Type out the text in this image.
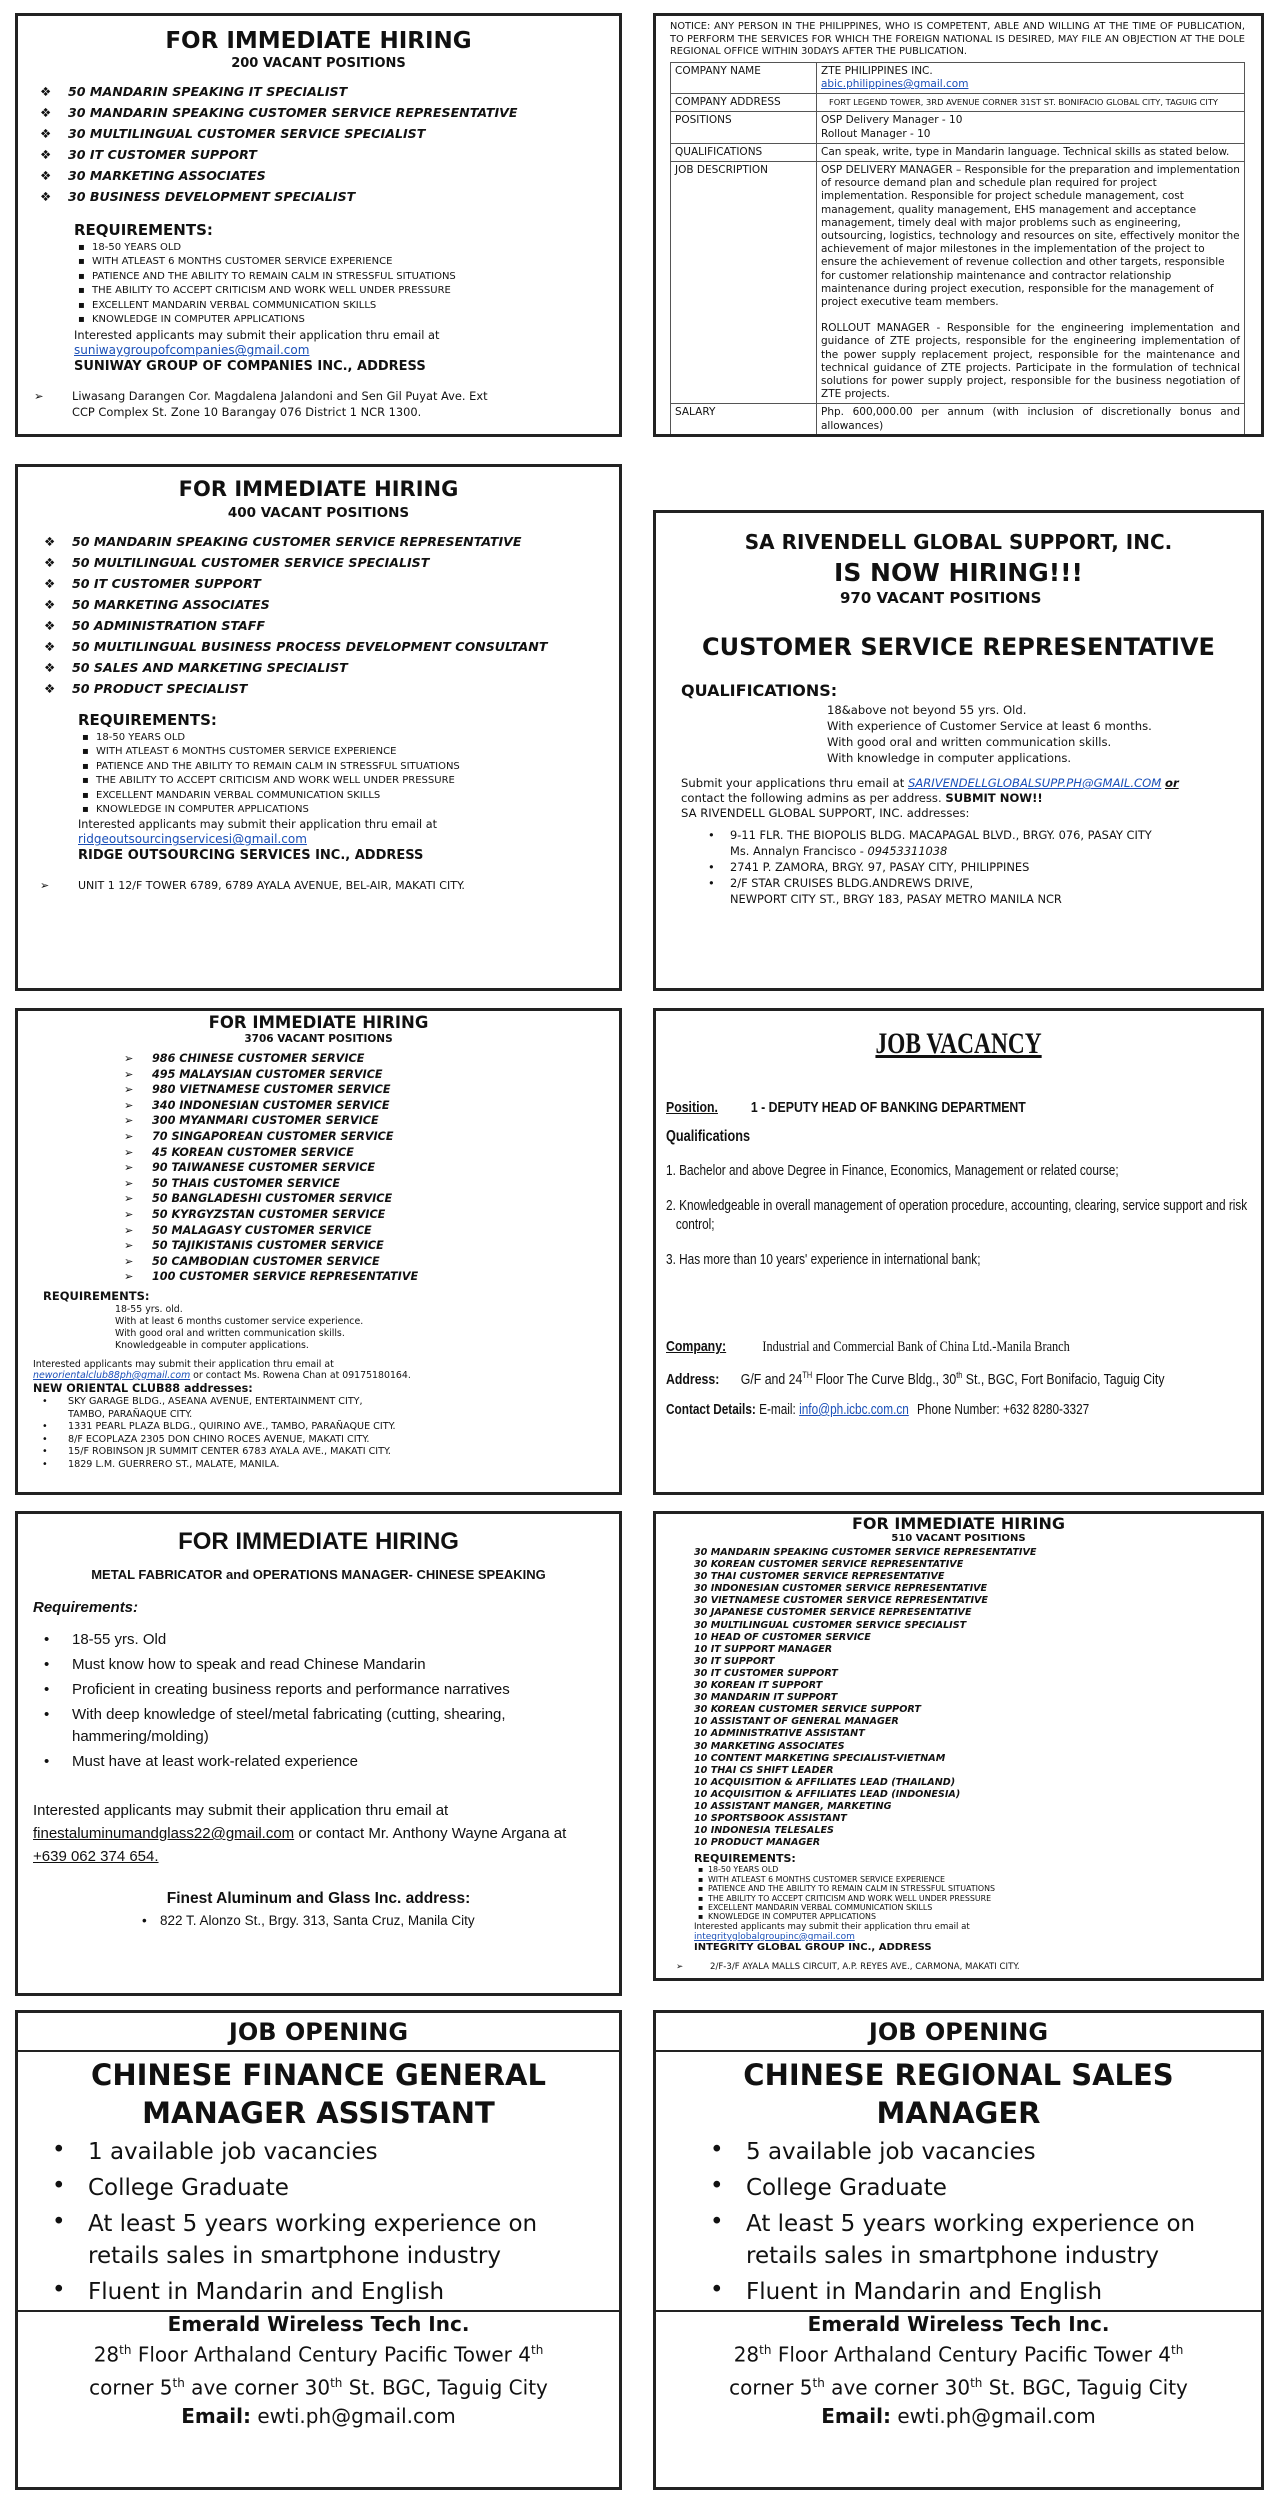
FOR IMMEDIATE HIRING
200 VACANT POSITIONS
❖ 50 MANDARIN SPEAKING IT SPECIALIST
❖ 30 MANDARIN SPEAKING CUSTOMER SERVICE REPRESENTATIVE
❖ 30 MULTILINGUAL CUSTOMER SERVICE SPECIALIST
❖ 30 IT CUSTOMER SUPPORT
❖ 30 MARKETING ASSOCIATES
❖ 30 BUSINESS DEVELOPMENT SPECIALIST
REQUIREMENTS:
▪ 18-50 YEARS OLD
▪ WITH ATLEAST 6 MONTHS CUSTOMER SERVICE EXPERIENCE
▪ PATIENCE AND THE ABILITY TO REMAIN CALM IN STRESSFUL SITUATIONS
▪ THE ABILITY TO ACCEPT CRITICISM AND WORK WELL UNDER PRESSURE
▪ EXCELLENT MANDARIN VERBAL COMMUNICATION SKILLS
▪ KNOWLEDGE IN COMPUTER APPLICATIONS
Interested applicants may submit their application thru email at
suniwaygroupofcompanies@gmail.com
SUNIWAY GROUP OF COMPANIES INC., ADDRESS
➢ Liwasang Darangen Cor. Magdalena Jalandoni and Sen Gil Puyat Ave. Ext
CCP Complex St. Zone 10 Barangay 076 District 1 NCR 1300.
NOTICE: ANY PERSON IN THE PHILIPPINES, WHO IS COMPETENT, ABLE AND WILLING AT THE TIME OF PUBLICATION, TO PERFORM THE SERVICES FOR WHICH THE FOREIGN NATIONAL IS DESIRED, MAY FILE AN OBJECTION AT THE DOLE REGIONAL OFFICE WITHIN 30DAYS AFTER THE PUBLICATION.
COMPANY NAME	ZTE PHILIPPINES INC.
abic.philippines@gmail.com

COMPANY ADDRESS	FORT LEGEND TOWER, 3RD AVENUE CORNER 31ST ST. BONIFACIO GLOBAL CITY, TAGUIG CITY

POSITIONS	OSP Delivery Manager - 10
Rollout Manager - 10

QUALIFICATIONS	Can speak, write, type in Mandarin language. Technical skills as stated below.
JOB DESCRIPTION	OSP DELIVERY MANAGER – Responsible for the preparation and implementation of resource demand plan and schedule plan required for project implementation. Responsible for project schedule management, cost management, quality management, EHS management and acceptance management, timely deal with major problems such as engineering, outsourcing, logistics, technology and resources on site, effectively monitor the achievement of major milestones in the implementation of the project to ensure the achievement of revenue collection and other targets, responsible for customer relationship maintenance and contractor relationship maintenance during project execution, responsible for the management of project executive team members.
ROLLOUT MANAGER - Responsible for the engineering implementation and guidance of ZTE projects, responsible for the engineering implementation of the power supply replacement project, responsible for the maintenance and technical guidance of ZTE projects. Participate in the formulation of technical solutions for power supply project, responsible for the business negotiation of ZTE projects.

SALARY	Php. 600,000.00 per annum (with inclusion of discretionally bonus and allowances)
FOR IMMEDIATE HIRING
400 VACANT POSITIONS
❖ 50 MANDARIN SPEAKING CUSTOMER SERVICE REPRESENTATIVE
❖ 50 MULTILINGUAL CUSTOMER SERVICE SPECIALIST
❖ 50 IT CUSTOMER SUPPORT
❖ 50 MARKETING ASSOCIATES
❖ 50 ADMINISTRATION STAFF
❖ 50 MULTILINGUAL BUSINESS PROCESS DEVELOPMENT CONSULTANT
❖ 50 SALES AND MARKETING SPECIALIST
❖ 50 PRODUCT SPECIALIST
REQUIREMENTS:
▪ 18-50 YEARS OLD
▪ WITH ATLEAST 6 MONTHS CUSTOMER SERVICE EXPERIENCE
▪ PATIENCE AND THE ABILITY TO REMAIN CALM IN STRESSFUL SITUATIONS
▪ THE ABILITY TO ACCEPT CRITICISM AND WORK WELL UNDER PRESSURE
▪ EXCELLENT MANDARIN VERBAL COMMUNICATION SKILLS
▪ KNOWLEDGE IN COMPUTER APPLICATIONS
Interested applicants may submit their application thru email at
ridgeoutsourcingservicesi@gmail.com
RIDGE OUTSOURCING SERVICES INC., ADDRESS
➢	UNIT 1 12/F TOWER 6789, 6789 AYALA AVENUE, BEL-AIR, MAKATI CITY.
SA RIVENDELL GLOBAL SUPPORT, INC.
IS NOW HIRING!!!
970 VACANT POSITIONS
CUSTOMER SERVICE REPRESENTATIVE
QUALIFICATIONS:
18&above not beyond 55 yrs. Old.
With experience of Customer Service at least 6 months.
With good oral and written communication skills.
With knowledge in computer applications.
Submit your applications thru email at SARIVENDELLGLOBALSUPP.PH@GMAIL.COM or
contact the following admins as per address. SUBMIT NOW!!
SA RIVENDELL GLOBAL SUPPORT, INC. addresses:
• 9-11 FLR. THE BIOPOLIS BLDG. MACAPAGAL BLVD., BRGY. 076, PASAY CITY
Ms. Annalyn Francisco - 09453311038
• 2741 P. ZAMORA, BRGY. 97, PASAY CITY, PHILIPPINES
• 2/F STAR CRUISES BLDG.ANDREWS DRIVE,
NEWPORT CITY ST., BRGY 183, PASAY METRO MANILA NCR
FOR IMMEDIATE HIRING
3706 VACANT POSITIONS
➢ 986 CHINESE CUSTOMER SERVICE
➢ 495 MALAYSIAN CUSTOMER SERVICE
➢ 980 VIETNAMESE CUSTOMER SERVICE
➢ 340 INDONESIAN CUSTOMER SERVICE
➢ 300 MYANMARI CUSTOMER SERVICE
➢ 70 SINGAPOREAN CUSTOMER SERVICE
➢ 45 KOREAN CUSTOMER SERVICE
➢ 90 TAIWANESE CUSTOMER SERVICE
➢ 50 THAIS CUSTOMER SERVICE
➢ 50 BANGLADESHI CUSTOMER SERVICE
➢ 50 KYRGYZSTAN CUSTOMER SERVICE
➢ 50 MALAGASY CUSTOMER SERVICE
➢ 50 TAJIKISTANIS CUSTOMER SERVICE
➢ 50 CAMBODIAN CUSTOMER SERVICE
➢ 100 CUSTOMER SERVICE REPRESENTATIVE
REQUIREMENTS:
18-55 yrs. old.
With at least 6 months customer service experience.
With good oral and written communication skills.
Knowledgeable in computer applications.
Interested applicants may submit their application thru email at
neworientalclub88ph@gmail.com or contact Ms. Rowena Chan at 09175180164.
NEW ORIENTAL CLUB88 addresses:
• SKY GARAGE BLDG., ASEANA AVENUE, ENTERTAINMENT CITY, TAMBO, PARAÑAQUE CITY.
• 1331 PEARL PLAZA BLDG., QUIRINO AVE., TAMBO, PARAÑAQUE CITY.
• 8/F ECOPLAZA 2305 DON CHINO ROCES AVENUE, MAKATI CITY.
• 15/F ROBINSON JR SUMMIT CENTER 6783 AYALA AVE., MAKATI CITY.
• 1829 L.M. GUERRERO ST., MALATE, MANILA.
JOB VACANCY
Position. 1 - DEPUTY HEAD OF BANKING DEPARTMENT
Qualifications
1. Bachelor and above Degree in Finance, Economics, Management or related course;
2. Knowledgeable in overall management of operation procedure, accounting, clearing, service support and risk control;
3. Has more than 10 years' experience in international bank;
Company: Industrial and Commercial Bank of China Ltd.-Manila Branch
Address: G/F and 24TH Floor The Curve Bldg., 30th St., BGC, Fort Bonifacio, Taguig City
Contact Details: E-mail: info@ph.icbc.com.cn Phone Number: +632 8280-3327
FOR IMMEDIATE HIRING
METAL FABRICATOR and OPERATIONS MANAGER- CHINESE SPEAKING
Requirements:
• 18-55 yrs. Old
• Must know how to speak and read Chinese Mandarin
• Proficient in creating business reports and performance narratives
• With deep knowledge of steel/metal fabricating (cutting, shearing, hammering/molding)
• Must have at least work-related experience
Interested applicants may submit their application thru email at
finestaluminumandglass22@gmail.com or contact Mr. Anthony Wayne Argana at
+639 062 374 654.
Finest Aluminum and Glass Inc. address:
• 822 T. Alonzo St., Brgy. 313, Santa Cruz, Manila City
FOR IMMEDIATE HIRING
510 VACANT POSITIONS
30 MANDARIN SPEAKING CUSTOMER SERVICE REPRESENTATIVE
30 KOREAN CUSTOMER SERVICE REPRESENTATIVE
30 THAI CUSTOMER SERVICE REPRESENTATIVE
30 INDONESIAN CUSTOMER SERVICE REPRESENTATIVE
30 VIETNAMESE CUSTOMER SERVICE REPRESENTATIVE
30 JAPANESE CUSTOMER SERVICE REPRESENTATIVE
30 MULTILINGUAL CUSTOMER SERVICE SPECIALIST
10 HEAD OF CUSTOMER SERVICE
10 IT SUPPORT MANAGER
30 IT SUPPORT
30 IT CUSTOMER SUPPORT
30 KOREAN IT SUPPORT
30 MANDARIN IT SUPPORT
30 KOREAN CUSTOMER SERVICE SUPPORT
10 ASSISTANT OF GENERAL MANAGER
10 ADMINISTRATIVE ASSISTANT
30 MARKETING ASSOCIATES
10 CONTENT MARKETING SPECIALIST-VIETNAM
10 THAI CS SHIFT LEADER
10 ACQUISITION & AFFILIATES LEAD (THAILAND)
10 ACQUISITION & AFFILIATES LEAD (INDONESIA)
10 ASSISTANT MANGER, MARKETING
10 SPORTSBOOK ASSISTANT
10 INDONESIA TELESALES
10 PRODUCT MANAGER
REQUIREMENTS:
▪ 18-50 YEARS OLD
▪ WITH ATLEAST 6 MONTHS CUSTOMER SERVICE EXPERIENCE
▪ PATIENCE AND THE ABILITY TO REMAIN CALM IN STRESSFUL SITUATIONS
▪ THE ABILITY TO ACCEPT CRITICISM AND WORK WELL UNDER PRESSURE
▪ EXCELLENT MANDARIN VERBAL COMMUNICATION SKILLS
▪ KNOWLEDGE IN COMPUTER APPLICATIONS
Interested applicants may submit their application thru email at
integrityglobalgroupinc@gmail.com
INTEGRITY GLOBAL GROUP INC., ADDRESS
➢	2/F-3/F AYALA MALLS CIRCUIT, A.P. REYES AVE., CARMONA, MAKATI CITY.
JOB OPENING
CHINESE FINANCE GENERAL
MANAGER ASSISTANT
• 1 available job vacancies
• College Graduate
• At least 5 years working experience on retails sales in smartphone industry
• Fluent in Mandarin and English
Emerald Wireless Tech Inc.
28th Floor Arthaland Century Pacific Tower 4th
corner 5th ave corner 30th St. BGC, Taguig City
Email: ewti.ph@gmail.com
JOB OPENING
CHINESE REGIONAL SALES
MANAGER
• 5 available job vacancies
• College Graduate
• At least 5 years working experience on retails sales in smartphone industry
• Fluent in Mandarin and English
Emerald Wireless Tech Inc.
28th Floor Arthaland Century Pacific Tower 4th
corner 5th ave corner 30th St. BGC, Taguig City
Email: ewti.ph@gmail.com
